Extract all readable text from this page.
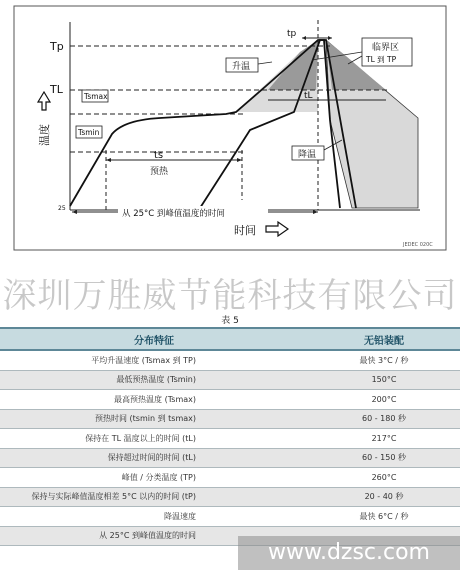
Tp
TL
Tsmax
Tsmin
25
tp
tL
ts
预热
升温
临界区
TL 到 TP
降温
从 25°C 到峰值温度的时间
温度
时间
JEDEC 020C
深圳万胜威节能科技有限公司
表 5
分布特征	无铅装配
平均升温速度 (Tsmax 到 TP)	最快 3°C / 秒
最低预热温度 (Tsmin)	150°C
最高预热温度 (Tsmax)	200°C
预热时间 (tsmin 到 tsmax)	60 - 180 秒
保持在 TL 温度以上的时间 (tL)	217°C
保持超过时间的时间 (tL)	60 - 150 秒
峰值 / 分类温度 (TP)	260°C
保持与实际峰值温度相差 5°C 以内的时间 (tP)	20 - 40 秒
降温速度	最快 6°C / 秒
从 25°C 到峰值温度的时间	
www.dzsc.com
